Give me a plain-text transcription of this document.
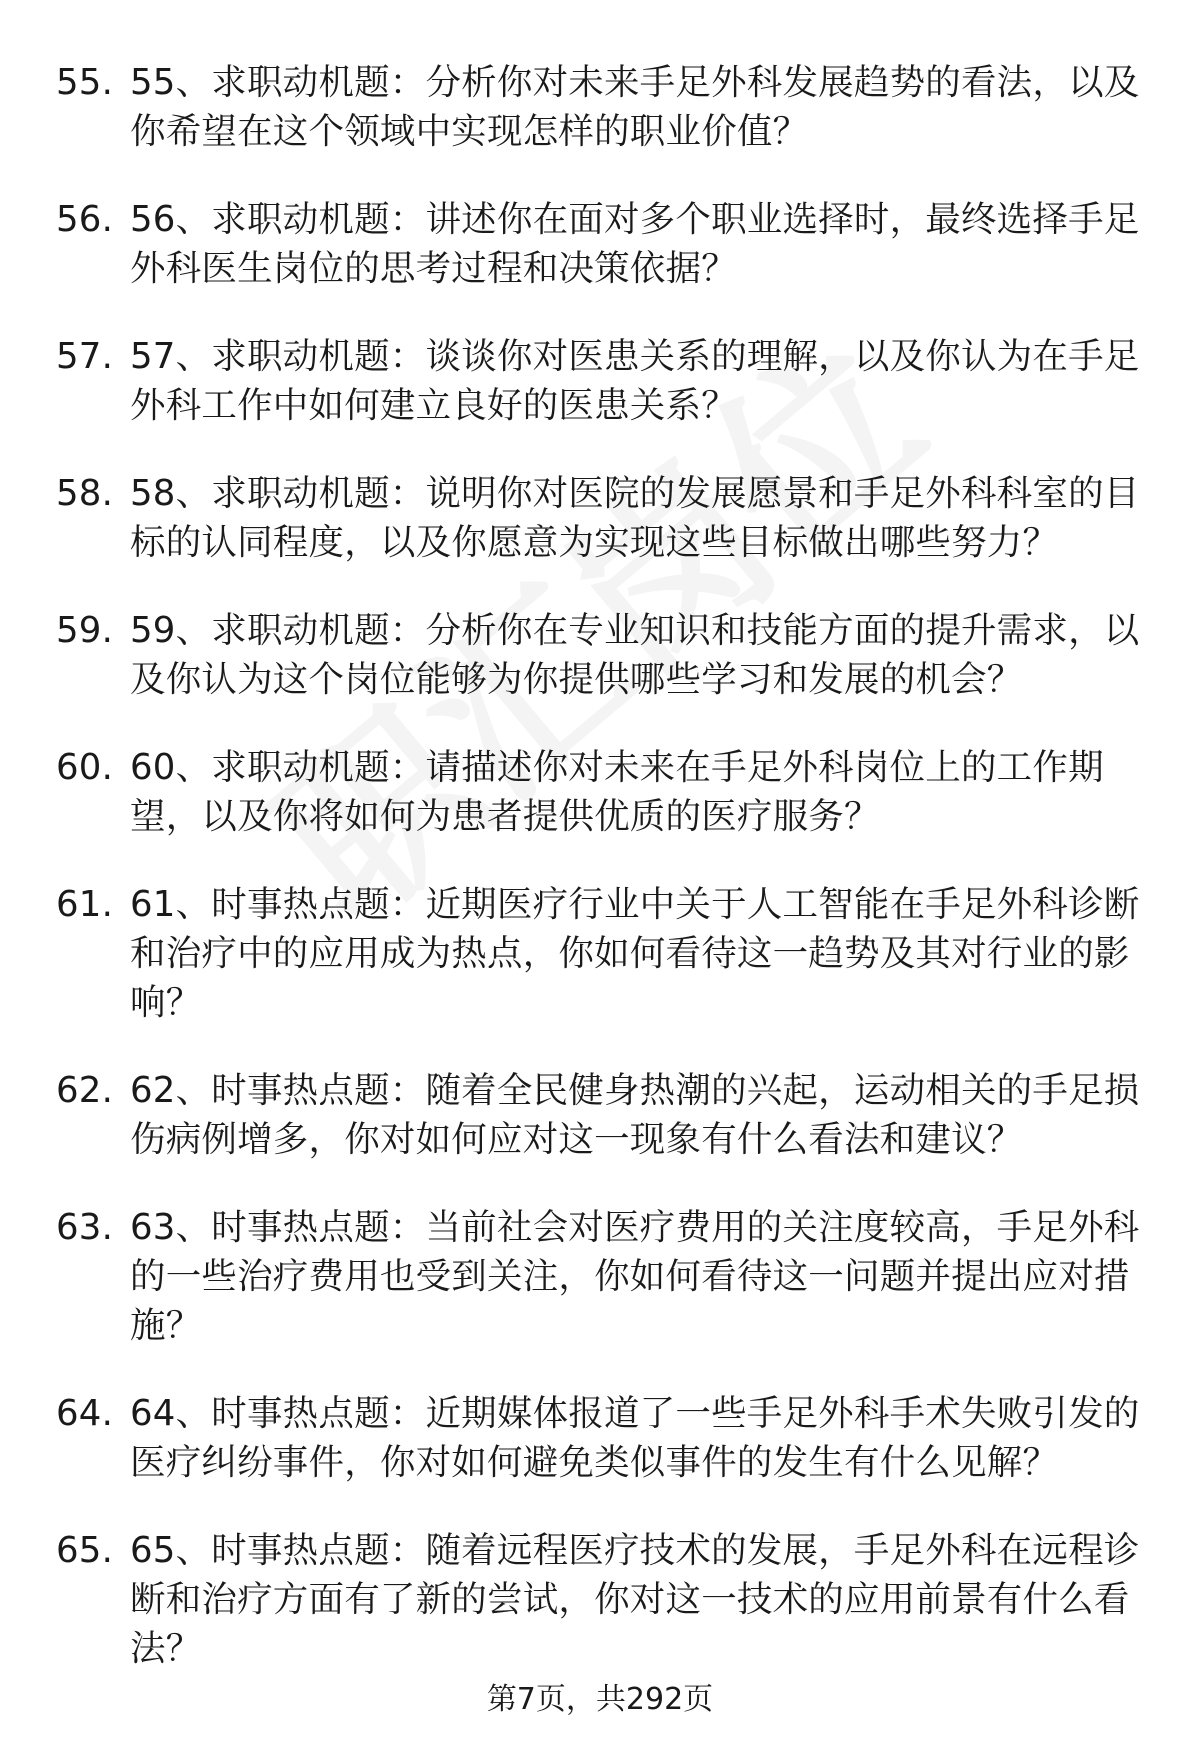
55. 55、求职动机题：分析你对未来手足外科发展趋势的看法，以及你希望在这个领域中实现怎样的职业价值？
56. 56、求职动机题：讲述你在面对多个职业选择时，最终选择手足外科医生岗位的思考过程和决策依据？
57. 57、求职动机题：谈谈你对医患关系的理解，以及你认为在手足外科工作中如何建立良好的医患关系？
58. 58、求职动机题：说明你对医院的发展愿景和手足外科科室的目标的认同程度，以及你愿意为实现这些目标做出哪些努力？
59. 59、求职动机题：分析你在专业知识和技能方面的提升需求，以及你认为这个岗位能够为你提供哪些学习和发展的机会？
60. 60、求职动机题：请描述你对未来在手足外科岗位上的工作期望，以及你将如何为患者提供优质的医疗服务？
61. 61、时事热点题：近期医疗行业中关于人工智能在手足外科诊断和治疗中的应用成为热点，你如何看待这一趋势及其对行业的影响？
62. 62、时事热点题：随着全民健身热潮的兴起，运动相关的手足损伤病例增多，你对如何应对这一现象有什么看法和建议？
63. 63、时事热点题：当前社会对医疗费用的关注度较高，手足外科的一些治疗费用也受到关注，你如何看待这一问题并提出应对措施？
64. 64、时事热点题：近期媒体报道了一些手足外科手术失败引发的医疗纠纷事件，你对如何避免类似事件的发生有什么见解？
65. 65、时事热点题：随着远程医疗技术的发展，手足外科在远程诊断和治疗方面有了新的尝试，你对这一技术的应用前景有什么看法？
第7页，共292页
